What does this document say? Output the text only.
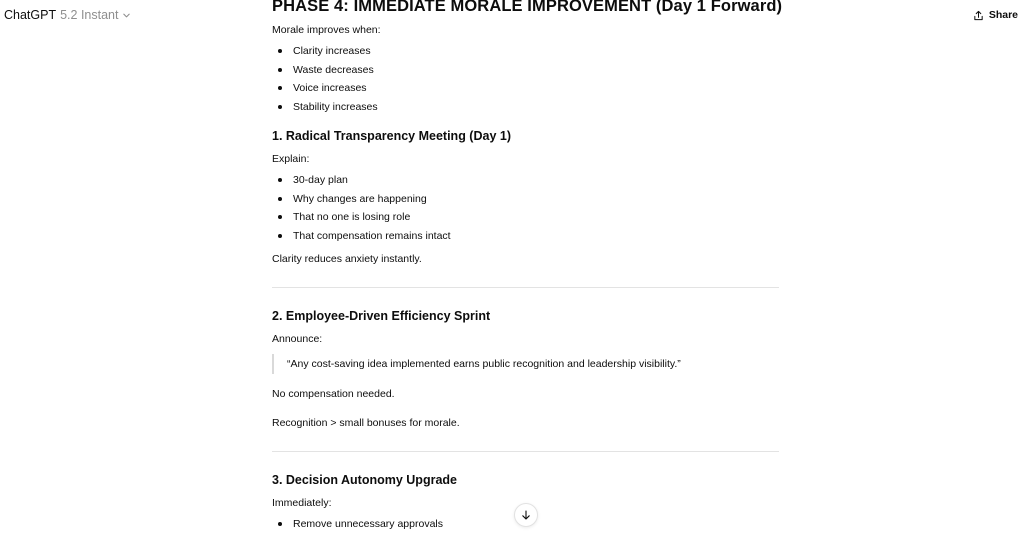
ChatGPT 5.2 Instant	Share
PHASE 4: IMMEDIATE MORALE IMPROVEMENT (Day 1 Forward)
Morale improves when:
Clarity increases
Waste decreases
Voice increases
Stability increases
1. Radical Transparency Meeting (Day 1)
Explain:
30-day plan
Why changes are happening
That no one is losing role
That compensation remains intact
Clarity reduces anxiety instantly.
2. Employee-Driven Efficiency Sprint
Announce:
“Any cost-saving idea implemented earns public recognition and leadership visibility.”
No compensation needed.
Recognition > small bonuses for morale.
3. Decision Autonomy Upgrade
Immediately:
Remove unnecessary approvals
